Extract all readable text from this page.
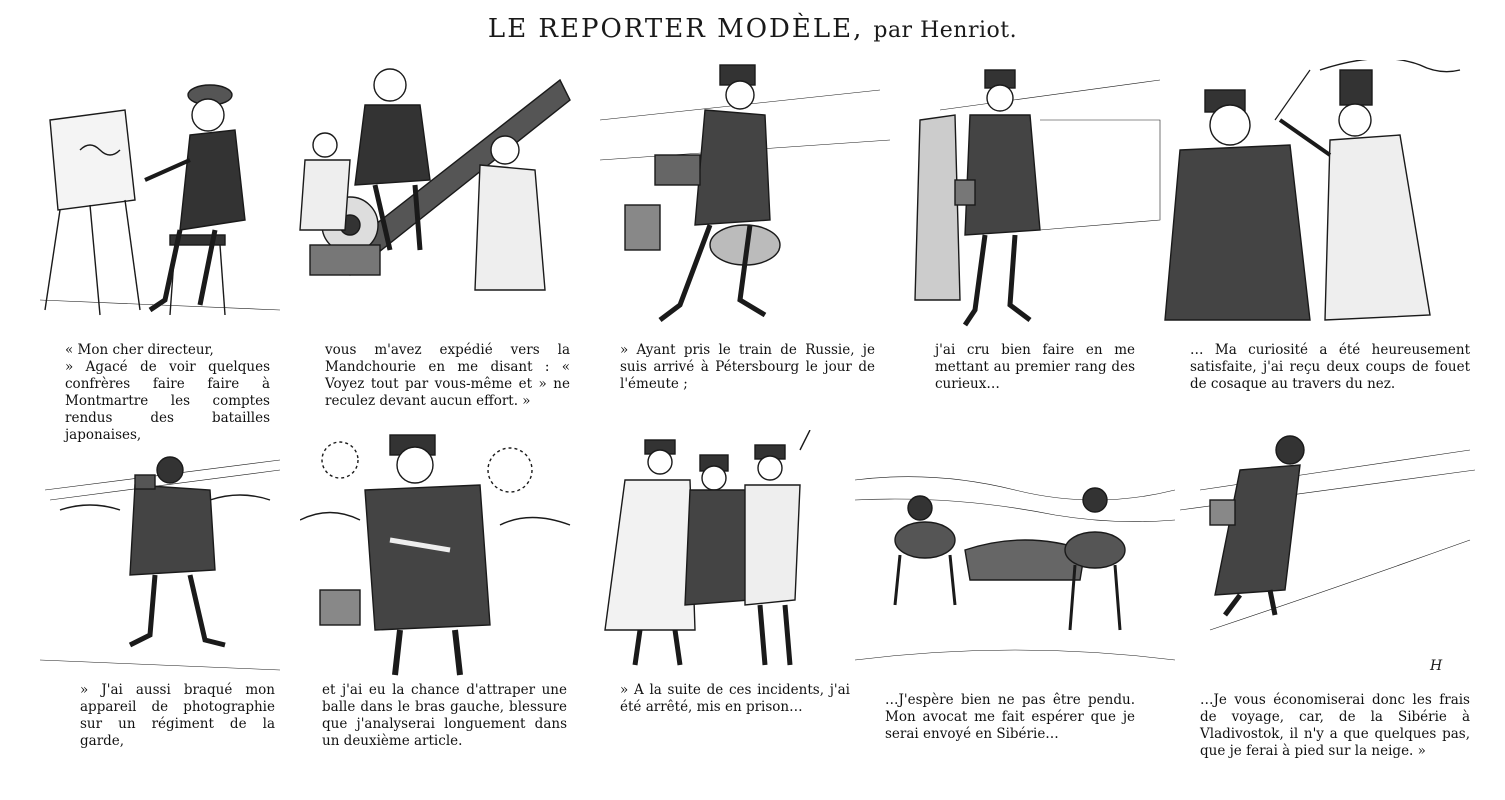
LE REPORTER MODÈLE, par Henriot.
« Mon cher directeur,
» Agacé de voir quelques confrères faire faire à Montmartre les comptes rendus des batailles japonaises,
vous m'avez expédié vers la Mandchourie en me disant : « Voyez tout par vous-même et » ne reculez devant aucun effort. »
» Ayant pris le train de Russie, je suis arrivé à Pétersbourg le jour de l'émeute ;
j'ai cru bien faire en me mettant au premier rang des curieux…
… Ma curiosité a été heureusement satisfaite, j'ai reçu deux coups de fouet de cosaque au travers du nez.
» J'ai aussi braqué mon appareil de photographie sur un régiment de la garde,
et j'ai eu la chance d'attraper une balle dans le bras gauche, blessure que j'analyserai longuement dans un deuxième article.
» A la suite de ces incidents, j'ai été arrêté, mis en prison…	…J'espère bien ne pas être pendu. Mon avocat me fait espérer que je serai envoyé en Sibérie…
H
…Je vous économiserai donc les frais de voyage, car, de la Sibérie à Vladivostok, il n'y a que quelques pas, que je ferai à pied sur la neige. »
